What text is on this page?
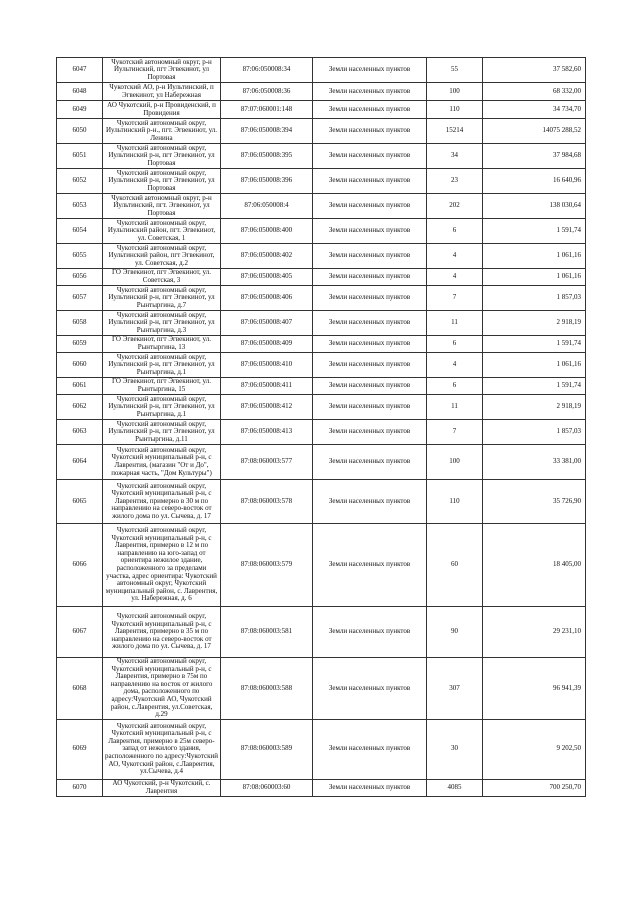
6047	Чукотский автономный округ, р-н Иультинский, пгт Эгвекинот, ул Портовая	87:06:050008:34	Земли населенных пунктов	55	37 582,60
6048	Чукотский АО, р-н Иультинский, п Эгвекинот, ул Набережная	87:06:050008:36	Земли населенных пунктов	100	68 332,00
6049	АО Чукотский, р-н Провиденский, п Провидения	87:07:060001:148	Земли населенных пунктов	110	34 734,70
6050	Чукотский автономный округ, Иультинский р-н., пгт. Эгвекинот, ул. Ленина	87:06:050008:394	Земли населенных пунктов	15214	14075 288,52
6051	Чукотский автономный округ, Иультинский р-н, пгт Эгвекинот, ул Портовая	87:06:050008:395	Земли населенных пунктов	34	37 984,68
6052	Чукотский автономный округ, Иультинский р-н, пгт Эгвекинот, ул Портовая	87:06:050008:396	Земли населенных пунктов	23	16 640,96
6053	Чукотский автономный округ, р-н Иультинский, пгт. Эгвекинот, ул Портовая	87:06:050008:4	Земли населенных пунктов	202	138 030,64
6054	Чукотский автономный округ, Иультинский район, пгт. Эгвекинот, ул. Советская, 1	87:06:050008:400	Земли населенных пунктов	6	1 591,74
6055	Чукотский автономный округ, Иультинский район, пгт Эгвекинот, ул. Советская, д.2	87:06:050008:402	Земли населенных пунктов	4	1 061,16
6056	ГО Эгвекинот, пгт Эгвекинот, ул. Советская, 3	87:06:050008:405	Земли населенных пунктов	4	1 061,16
6057	Чукотский автономный округ, Иультинский р-н, пгт Эгвекинот, ул Рынтыргина, д.7	87:06:050008:406	Земли населенных пунктов	7	1 857,03
6058	Чукотский автономный округ, Иультинский р-н, пгт Эгвекинот, ул Рынтыргина, д.3	87:06:050008:407	Земли населенных пунктов	11	2 918,19
6059	ГО Эгвекинот, пгт Эгвекинот, ул. Рынтыргина, 13	87:06:050008:409	Земли населенных пунктов	6	1 591,74
6060	Чукотский автономный округ, Иультинский р-н, пгт Эгвекинот, ул Рынтыргина, д.1	87:06:050008:410	Земли населенных пунктов	4	1 061,16
6061	ГО Эгвекинот, пгт Эгвекинот, ул. Рынтыргина, 15	87:06:050008:411	Земли населенных пунктов	6	1 591,74
6062	Чукотский автономный округ, Иультинский р-н, пгт Эгвекинот, ул Рынтыргина, д.1	87:06:050008:412	Земли населенных пунктов	11	2 918,19
6063	Чукотский автономный округ, Иультинский р-н, пгт Эгвекинот, ул Рынтыргина, д.11	87:06:050008:413	Земли населенных пунктов	7	1 857,03
6064	Чукотский автономный округ, Чукотский муниципальный р-н, с Лаврентия, (магазин "От и До", пожарная часть, "Дом Культуры")	87:08:060003:577	Земли населенных пунктов	100	33 381,00
6065	Чукотский автономный округ, Чукотский муниципальный р-н, с Лаврентия, примерно в 30 м по направлению на северо-восток от жилого дома по ул. Сычева, д. 17	87:08:060003:578	Земли населенных пунктов	110	35 726,90
6066	Чукотский автономный округ, Чукотский муниципальный р-н, с Лаврентия, примерно в 12 м по направлению на юго-запад от ориентира нежилое здание, расположенного за пределами участка, адрес ориентира: Чукотский автономный округ, Чукотский муниципальный район, с. Лаврентия, ул. Набережная, д. 6	87:08:060003:579	Земли населенных пунктов	60	18 405,00
6067	Чукотский автономный округ, Чукотский муниципальный р-н, с Лаврентия, примерно в 35 м по направлению на северо-восток от жилого дома по ул. Сычева, д. 17	87:08:060003:581	Земли населенных пунктов	90	29 231,10
6068	Чукотский автономный округ, Чукотский муниципальный р-н, с Лаврентия, примерно в 75м по направлению на восток от жилого дома, расположенного по адресу:Чукотский АО, Чукотский район, с.Лаврентия, ул.Советская, д.29	87:08:060003:588	Земли населенных пунктов	307	96 941,39
6069	Чукотский автономный округ, Чукотский муниципальный р-н, с Лаврентия, примерно в 25м северо-запад от нежилого здания, расположенного по адресу:Чукотский АО, Чукотский район, с.Лаврентия, ул.Сычева, д.4	87:08:060003:589	Земли населенных пунктов	30	9 202,50
6070	АО Чукотский, р-н Чукотский, с. Лаврентия	87:08:060003:60	Земли населенных пунктов	4085	700 250,70
